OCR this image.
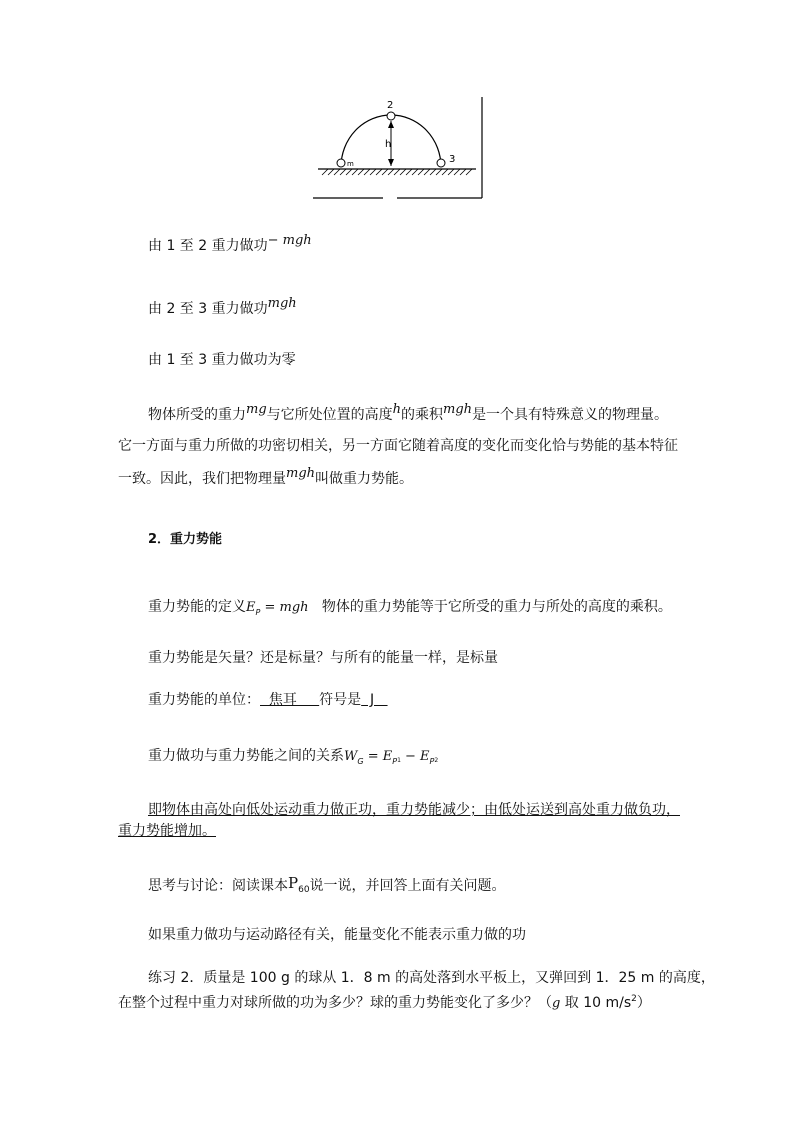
2
3
m
h
由 1 至 2 重力做功− mgh
由 2 至 3 重力做功mgh
由 1 至 3 重力做功为零
物体所受的重力mg与它所处位置的高度h的乘积mgh是一个具有特殊意义的物理量。
它一方面与重力所做的功密切相关，另一方面它随着高度的变化而变化恰与势能的基本特征
一致。因此，我们把物理量mgh叫做重力势能。
2．重力势能
重力势能的定义$E_P$ = mgh 物体的重力势能等于它所受的重力与所处的高度的乘积。
重力势能是矢量？还是标量？与所有的能量一样，是标量
重力势能的单位：  焦耳     符号是  J
重力做功与重力势能之间的关系$W_G = E_P1 - E_P2$
即物体由高处向低处运动重力做正功，重力势能减少；由低处运送到高处重力做负功，
重力势能增加。
思考与讨论：阅读课本P60说一说，并回答上面有关问题。
如果重力做功与运动路径有关，能量变化不能表示重力做的功
练习 2．质量是 100 g 的球从 1．8 m 的高处落到水平板上，又弹回到 1．25 m 的高度，
在整个过程中重力对球所做的功为多少？球的重力势能变化了多少？（g 取 10 $m/s^2$）
